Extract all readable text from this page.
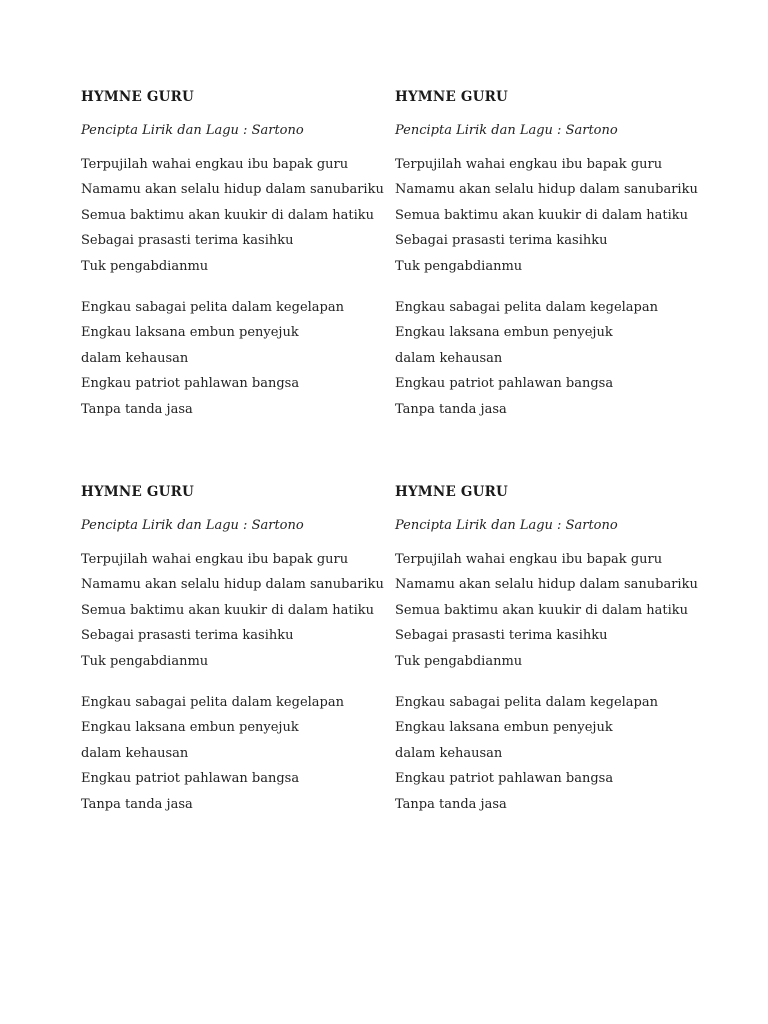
HYMNE GURU
Pencipta Lirik dan Lagu : Sartono
Terpujilah wahai engkau ibu bapak guru
Namamu akan selalu hidup dalam sanubariku
Semua baktimu akan kuukir di dalam hatiku
Sebagai prasasti terima kasihku
Tuk pengabdianmu
Engkau sabagai pelita dalam kegelapan
Engkau laksana embun penyejuk
dalam kehausan
Engkau patriot pahlawan bangsa
Tanpa tanda jasa
HYMNE GURU
Pencipta Lirik dan Lagu : Sartono
Terpujilah wahai engkau ibu bapak guru
Namamu akan selalu hidup dalam sanubariku
Semua baktimu akan kuukir di dalam hatiku
Sebagai prasasti terima kasihku
Tuk pengabdianmu
Engkau sabagai pelita dalam kegelapan
Engkau laksana embun penyejuk
dalam kehausan
Engkau patriot pahlawan bangsa
Tanpa tanda jasa
HYMNE GURU
Pencipta Lirik dan Lagu : Sartono
Terpujilah wahai engkau ibu bapak guru
Namamu akan selalu hidup dalam sanubariku
Semua baktimu akan kuukir di dalam hatiku
Sebagai prasasti terima kasihku
Tuk pengabdianmu
Engkau sabagai pelita dalam kegelapan
Engkau laksana embun penyejuk
dalam kehausan
Engkau patriot pahlawan bangsa
Tanpa tanda jasa
HYMNE GURU
Pencipta Lirik dan Lagu : Sartono
Terpujilah wahai engkau ibu bapak guru
Namamu akan selalu hidup dalam sanubariku
Semua baktimu akan kuukir di dalam hatiku
Sebagai prasasti terima kasihku
Tuk pengabdianmu
Engkau sabagai pelita dalam kegelapan
Engkau laksana embun penyejuk
dalam kehausan
Engkau patriot pahlawan bangsa
Tanpa tanda jasa
